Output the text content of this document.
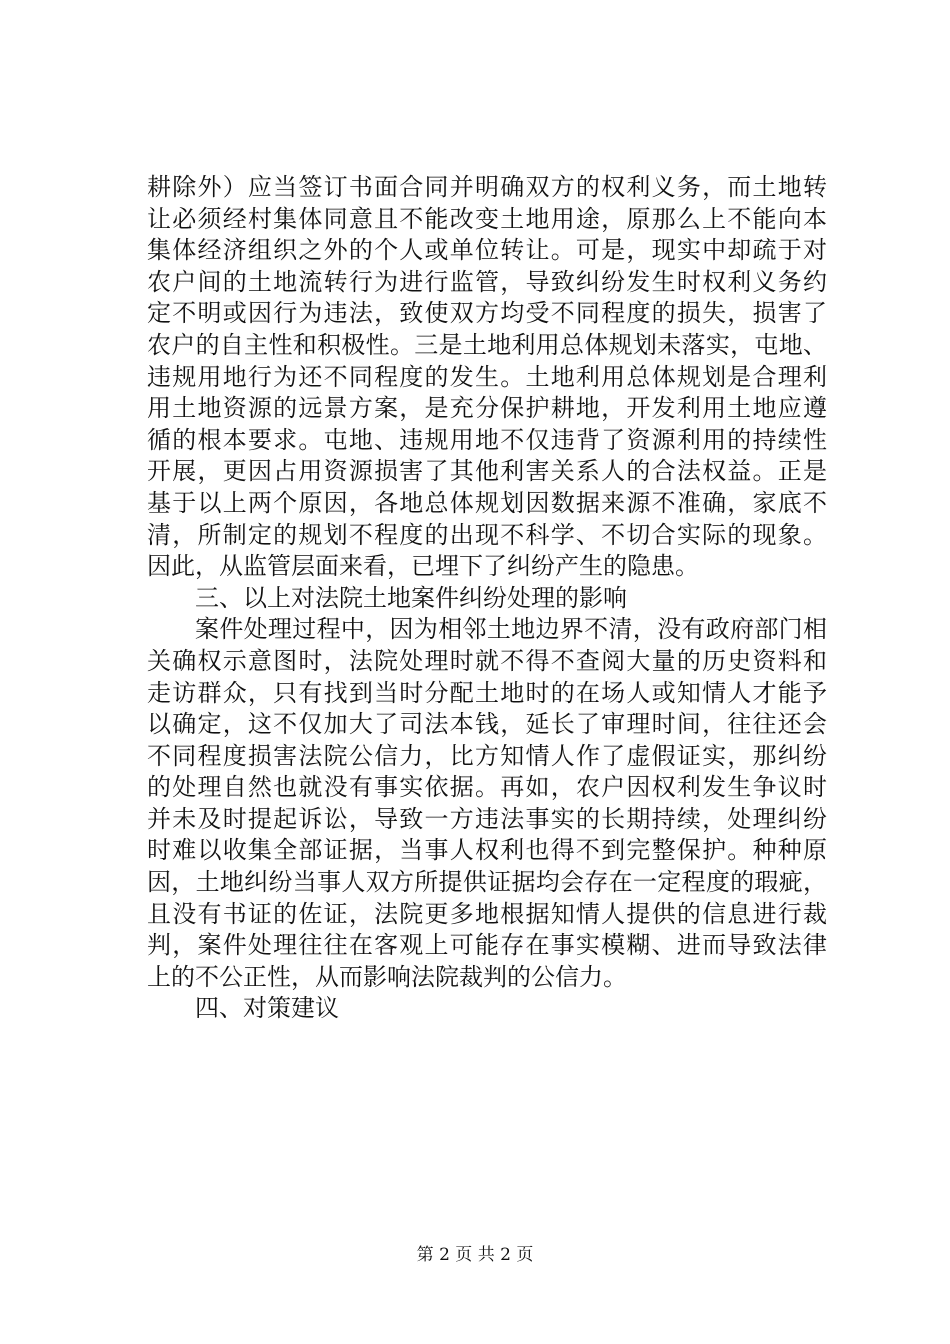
耕除外）应当签订书面合同并明确双方的权利义务，而土地转
让必须经村集体同意且不能改变土地用途，原那么上不能向本
集体经济组织之外的个人或单位转让。可是，现实中却疏于对
农户间的土地流转行为进行监管，导致纠纷发生时权利义务约
定不明或因行为违法，致使双方均受不同程度的损失，损害了
农户的自主性和积极性。三是土地利用总体规划未落实，屯地、
违规用地行为还不同程度的发生。土地利用总体规划是合理利
用土地资源的远景方案，是充分保护耕地，开发利用土地应遵
循的根本要求。屯地、违规用地不仅违背了资源利用的持续性
开展，更因占用资源损害了其他利害关系人的合法权益。正是
基于以上两个原因，各地总体规划因数据来源不准确，家底不
清，所制定的规划不程度的出现不科学、不切合实际的现象。
因此，从监管层面来看，已埋下了纠纷产生的隐患。
三、以上对法院土地案件纠纷处理的影响
案件处理过程中，因为相邻土地边界不清，没有政府部门相
关确权示意图时，法院处理时就不得不查阅大量的历史资料和
走访群众，只有找到当时分配土地时的在场人或知情人才能予
以确定，这不仅加大了司法本钱，延长了审理时间，往往还会
不同程度损害法院公信力，比方知情人作了虚假证实，那纠纷
的处理自然也就没有事实依据。再如，农户因权利发生争议时
并未及时提起诉讼，导致一方违法事实的长期持续，处理纠纷
时难以收集全部证据，当事人权利也得不到完整保护。种种原
因，土地纠纷当事人双方所提供证据均会存在一定程度的瑕疵，
且没有书证的佐证，法院更多地根据知情人提供的信息进行裁
判，案件处理往往在客观上可能存在事实模糊、进而导致法律
上的不公正性，从而影响法院裁判的公信力。
四、对策建议
第 2 页 共 2 页
